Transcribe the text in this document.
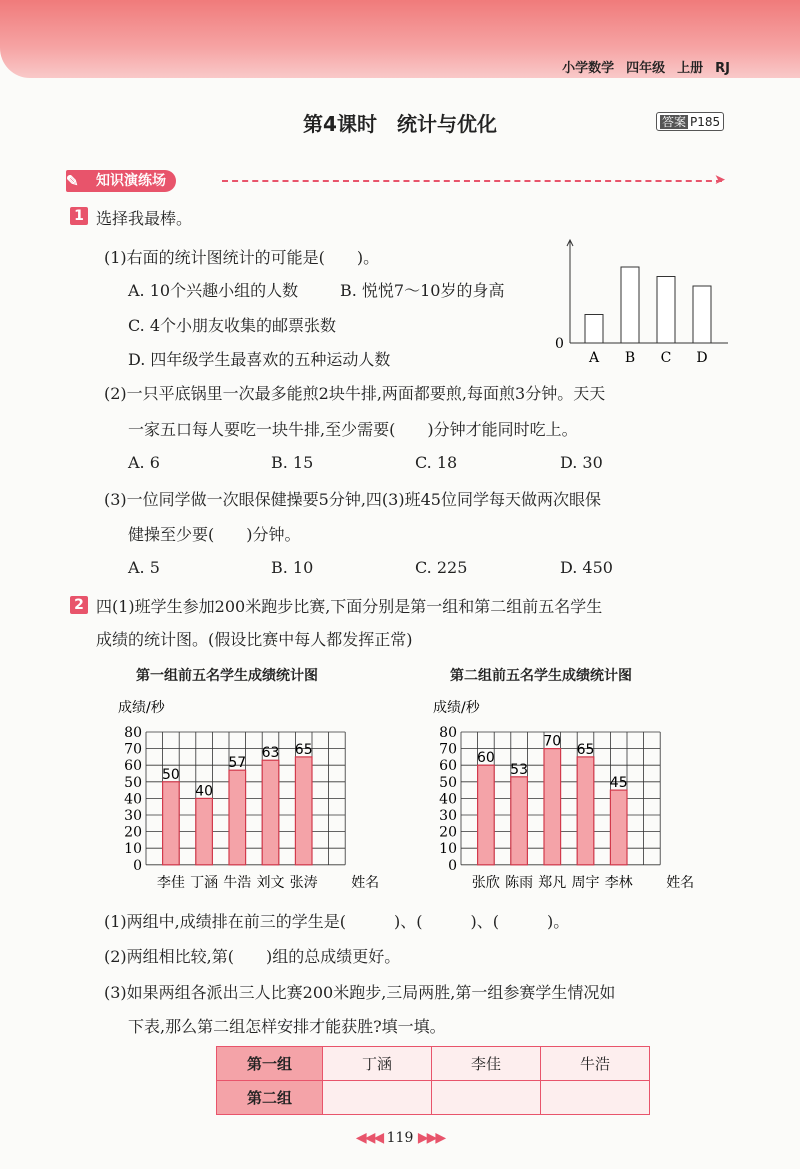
小学数学 四年级 上册 RJ
第4课时　统计与优化	答案 P185
知识演练场
✎	➤
1 选择我最棒。
(1)右面的统计图统计的可能是(　　)。
A. 10个兴趣小组的人数	B. 悦悦7～10岁的身高
C. 4个小朋友收集的邮票张数
D. 四年级学生最喜欢的五种运动人数
0
A B C D
(2)一只平底锅里一次最多能煎2块牛排,两面都要煎,每面煎3分钟。天天
一家五口每人要吃一块牛排,至少需要(　　)分钟才能同时吃上。
A. 6	B. 15	C. 18	D. 30
(3)一位同学做一次眼保健操要5分钟,四(3)班45位同学每天做两次眼保
健操至少要(　　)分钟。
A. 5	B. 10	C. 225	D. 450
2 四(1)班学生参加200米跑步比赛,下面分别是第一组和第二组前五名学生
成绩的统计图。(假设比赛中每人都发挥正常)
第一组前五名学生成绩统计图	第二组前五名学生成绩统计图
成绩/秒
0
10
20
30
40
50
60
70
80
50
李佳
40
丁涵
57
牛浩
63
刘文
65
张涛 姓名
成绩/秒
0
10
20
30
40
50
60
70
80
60
张欣
53
陈雨
70
郑凡
65
周宇
45
李林 姓名
(1)两组中,成绩排在前三的学生是(　　　)、(　　　)、(　　　)。
(2)两组相比较,第(　　)组的总成绩更好。
(3)如果两组各派出三人比赛200米跑步,三局两胜,第一组参赛学生情况如
下表,那么第二组怎样安排才能获胜?填一填。
第一组	丁涵	李佳	牛浩
第二组			
◀◀◀ 119 ▶▶▶
